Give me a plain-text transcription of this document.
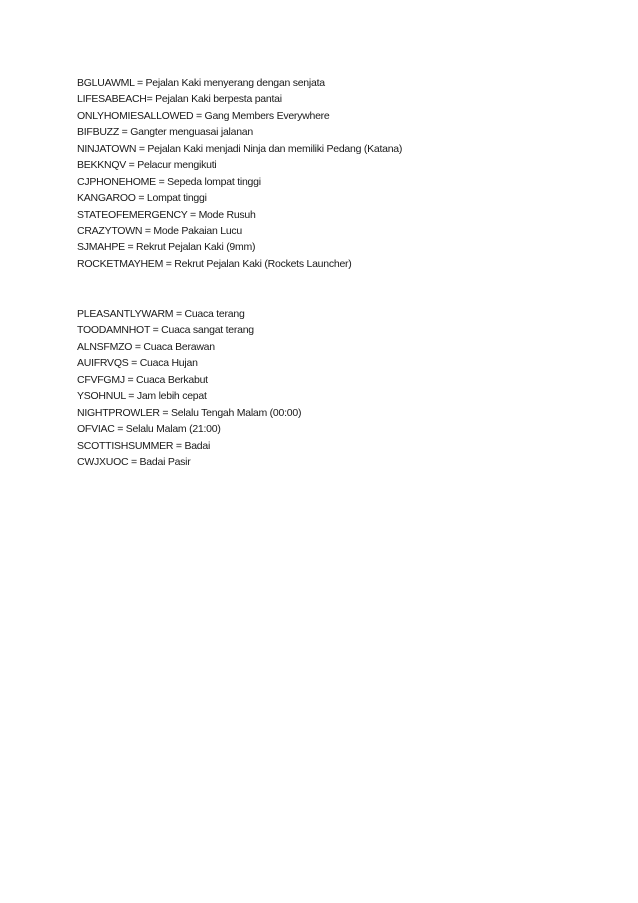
BGLUAWML = Pejalan Kaki menyerang dengan senjata
LIFESABEACH= Pejalan Kaki berpesta pantai
ONLYHOMIESALLOWED = Gang Members Everywhere
BIFBUZZ = Gangter menguasai jalanan
NINJATOWN = Pejalan Kaki menjadi Ninja dan memiliki Pedang (Katana)
BEKKNQV = Pelacur mengikuti
CJPHONEHOME = Sepeda lompat tinggi
KANGAROO = Lompat tinggi
STATEOFEMERGENCY = Mode Rusuh
CRAZYTOWN = Mode Pakaian Lucu
SJMAHPE = Rekrut Pejalan Kaki (9mm)
ROCKETMAYHEM = Rekrut Pejalan Kaki (Rockets Launcher)
PLEASANTLYWARM = Cuaca terang
TOODAMNHOT = Cuaca sangat terang
ALNSFMZO = Cuaca Berawan
AUIFRVQS = Cuaca Hujan
CFVFGMJ = Cuaca Berkabut
YSOHNUL = Jam lebih cepat
NIGHTPROWLER = Selalu Tengah Malam (00:00)
OFVIAC = Selalu Malam (21:00)
SCOTTISHSUMMER = Badai
CWJXUOC = Badai Pasir
